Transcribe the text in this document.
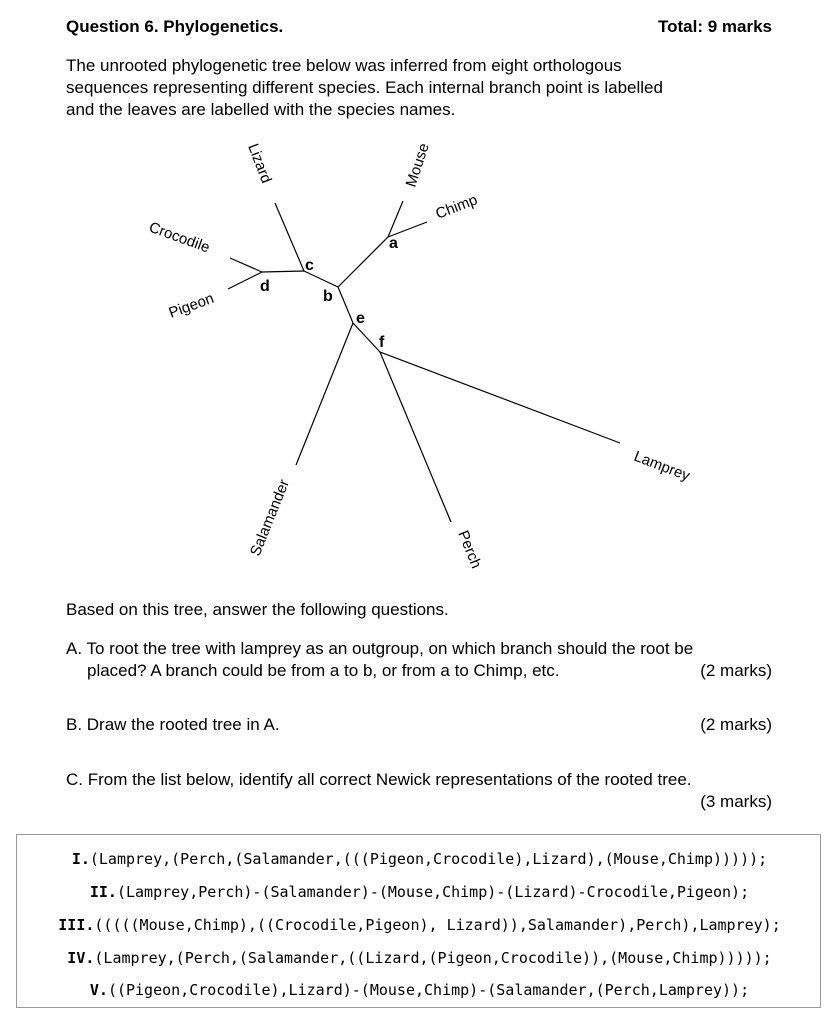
Question 6. Phylogenetics.	Total: 9 marks
The unrooted phylogenetic tree below was inferred from eight orthologous
sequences representing different species. Each internal branch point is labelled
and the leaves are labelled with the species names.
a
b
c
d
e
f
Lizard	Mouse
Chimp
Crocodile
Pigeon
Salamander	Perch
Lamprey
Based on this tree, answer the following questions.
A. To root the tree with lamprey as an outgroup, on which branch should the root be
placed? A branch could be from a to b, or from a to Chimp, etc.	(2 marks)
B. Draw the rooted tree in A.	(2 marks)
C. From the list below, identify all correct Newick representations of the rooted tree.
(3 marks)
I.(Lamprey,(Perch,(Salamander,(((Pigeon,Crocodile),Lizard),(Mouse,Chimp)))));
II.(Lamprey,Perch)-(Salamander)-(Mouse,Chimp)-(Lizard)-Crocodile,Pigeon);
III.(((((Mouse,Chimp),((Crocodile,Pigeon), Lizard)),Salamander),Perch),Lamprey);
IV.(Lamprey,(Perch,(Salamander,((Lizard,(Pigeon,Crocodile)),(Mouse,Chimp)))));
V.((Pigeon,Crocodile),Lizard)-(Mouse,Chimp)-(Salamander,(Perch,Lamprey));
